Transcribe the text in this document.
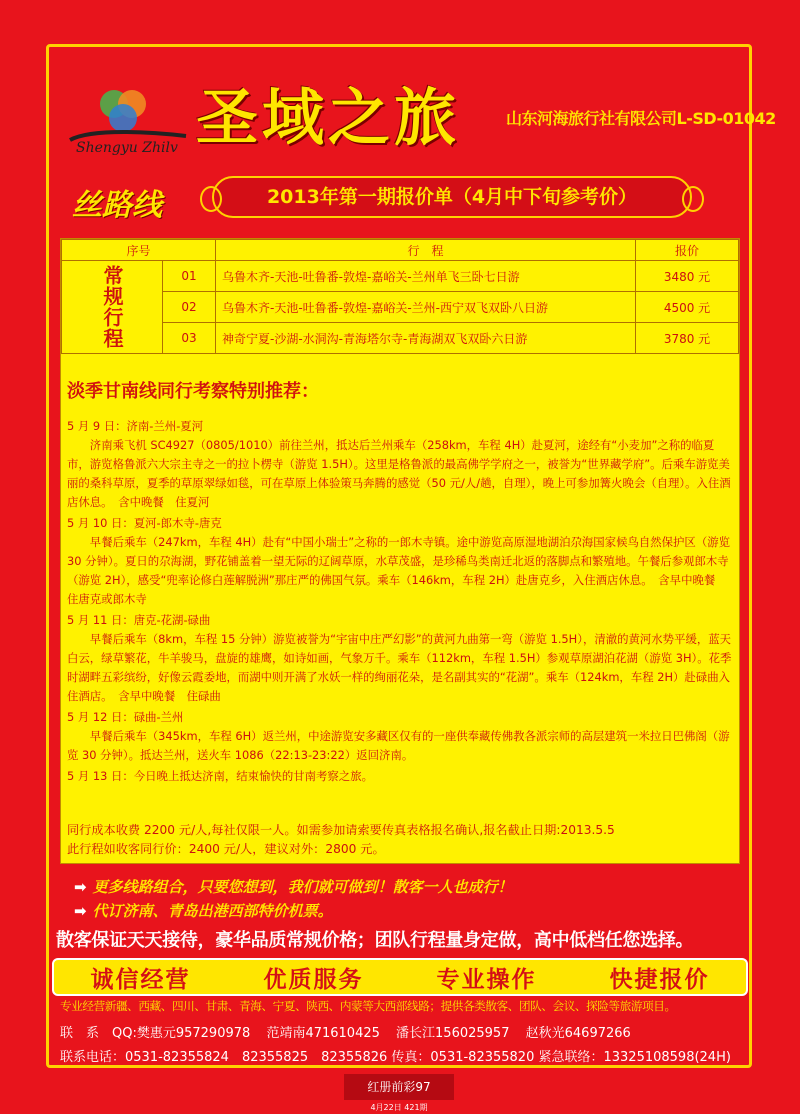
Shengyu Zhilv 圣域之旅	山东河海旅行社有限公司L-SD-01042
丝路线	2013年第一期报价单（4月中下旬参考价）
序号		行　程	报价
常规行程	01	乌鲁木齐-天池-吐鲁番-敦煌-嘉峪关-兰州单飞三卧七日游	3480 元
	02	乌鲁木齐-天池-吐鲁番-敦煌-嘉峪关-兰州-西宁双飞双卧八日游	4500 元
	03	神奇宁夏-沙湖-水洞沟-青海塔尔寺-青海湖双飞双卧六日游	3780 元
淡季甘南线同行考察特别推荐：
5 月 9 日：济南-兰州-夏河

济南乘飞机 SC4927（0805/1010）前往兰州，抵达后兰州乘车（258km，车程 4H）赴夏河，途经有“小麦加”之称的临夏市，游览格鲁派六大宗主寺之一的拉卜楞寺（游览 1.5H）。这里是格鲁派的最高佛学学府之一，被誉为“世界藏学府”。后乘车游览美丽的桑科草原，夏季的草原翠绿如毯，可在草原上体验策马奔腾的感觉（50 元/人/趟，自理），晚上可参加篝火晚会（自理）。入住酒店休息。　含中晚餐　住夏河

5 月 10 日：夏河-郎木寺-唐克

早餐后乘车（247km，车程 4H）赴有“中国小瑞士”之称的一郎木寺镇。途中游览高原湿地湖泊尕海国家候鸟自然保护区（游览 30 分钟）。夏日的尕海湖，野花铺盖着一望无际的辽阔草原，水草茂盛，是珍稀鸟类南迁北返的落脚点和繁殖地。午餐后参观郎木寺（游览 2H），感受“兜率论修白莲解脱洲”那庄严的佛国气氛。乘车（146km，车程 2H）赴唐克乡，入住酒店休息。　含早中晚餐　住唐克或郎木寺

5 月 11 日：唐克-花湖-碌曲

早餐后乘车（8km，车程 15 分钟）游览被誉为“宇宙中庄严幻影”的黄河九曲第一弯（游览 1.5H），清澈的黄河水势平缓，蓝天白云，绿草繁花，牛羊骏马，盘旋的雄鹰，如诗如画，气象万千。乘车（112km，车程 1.5H）参观草原湖泊花湖（游览 3H）。花季时湖畔五彩缤纷，好像云霞委地，而湖中则开满了水妖一样的绚丽花朵，是名副其实的“花湖”。乘车（124km，车程 2H）赴碌曲入住酒店。　含早中晚餐　住碌曲

5 月 12 日：碌曲-兰州

早餐后乘车（345km，车程 6H）返兰州，中途游览安多藏区仅有的一座供奉藏传佛教各派宗师的高层建筑一米拉日巴佛阁（游览 30 分钟）。抵达兰州，送火车 1086（22:13-23:22）返回济南。

5 月 13 日：今日晚上抵达济南，结束愉快的甘南考察之旅。
同行成本收费 2200 元/人,每社仅限一人。如需参加请索要传真表格报名确认,报名截止日期:2013.5.5
此行程如收客同行价：2400 元/人，建议对外：2800 元。
➡ 更多线路组合，只要您想到，我们就可做到！散客一人也成行！
➡ 代订济南、青岛出港西部特价机票。
散客保证天天接待，豪华品质常规价格；团队行程量身定做，高中低档任您选择。
诚信经营	优质服务	专业操作	快捷报价
专业经营新疆、西藏、四川、甘肃、青海、宁夏、陕西、内蒙等大西部线路；提供各类散客、团队、会议、探险等旅游项目。
联　系　QQ:樊惠元957290978 范靖南471610425 潘长江156025957 赵秋光64697266
联系电话：0531-82355824　82355825　82355826 传真：0531-82355820 紧急联络：13325108598(24H)
红册前彩97
4月22日 421期
